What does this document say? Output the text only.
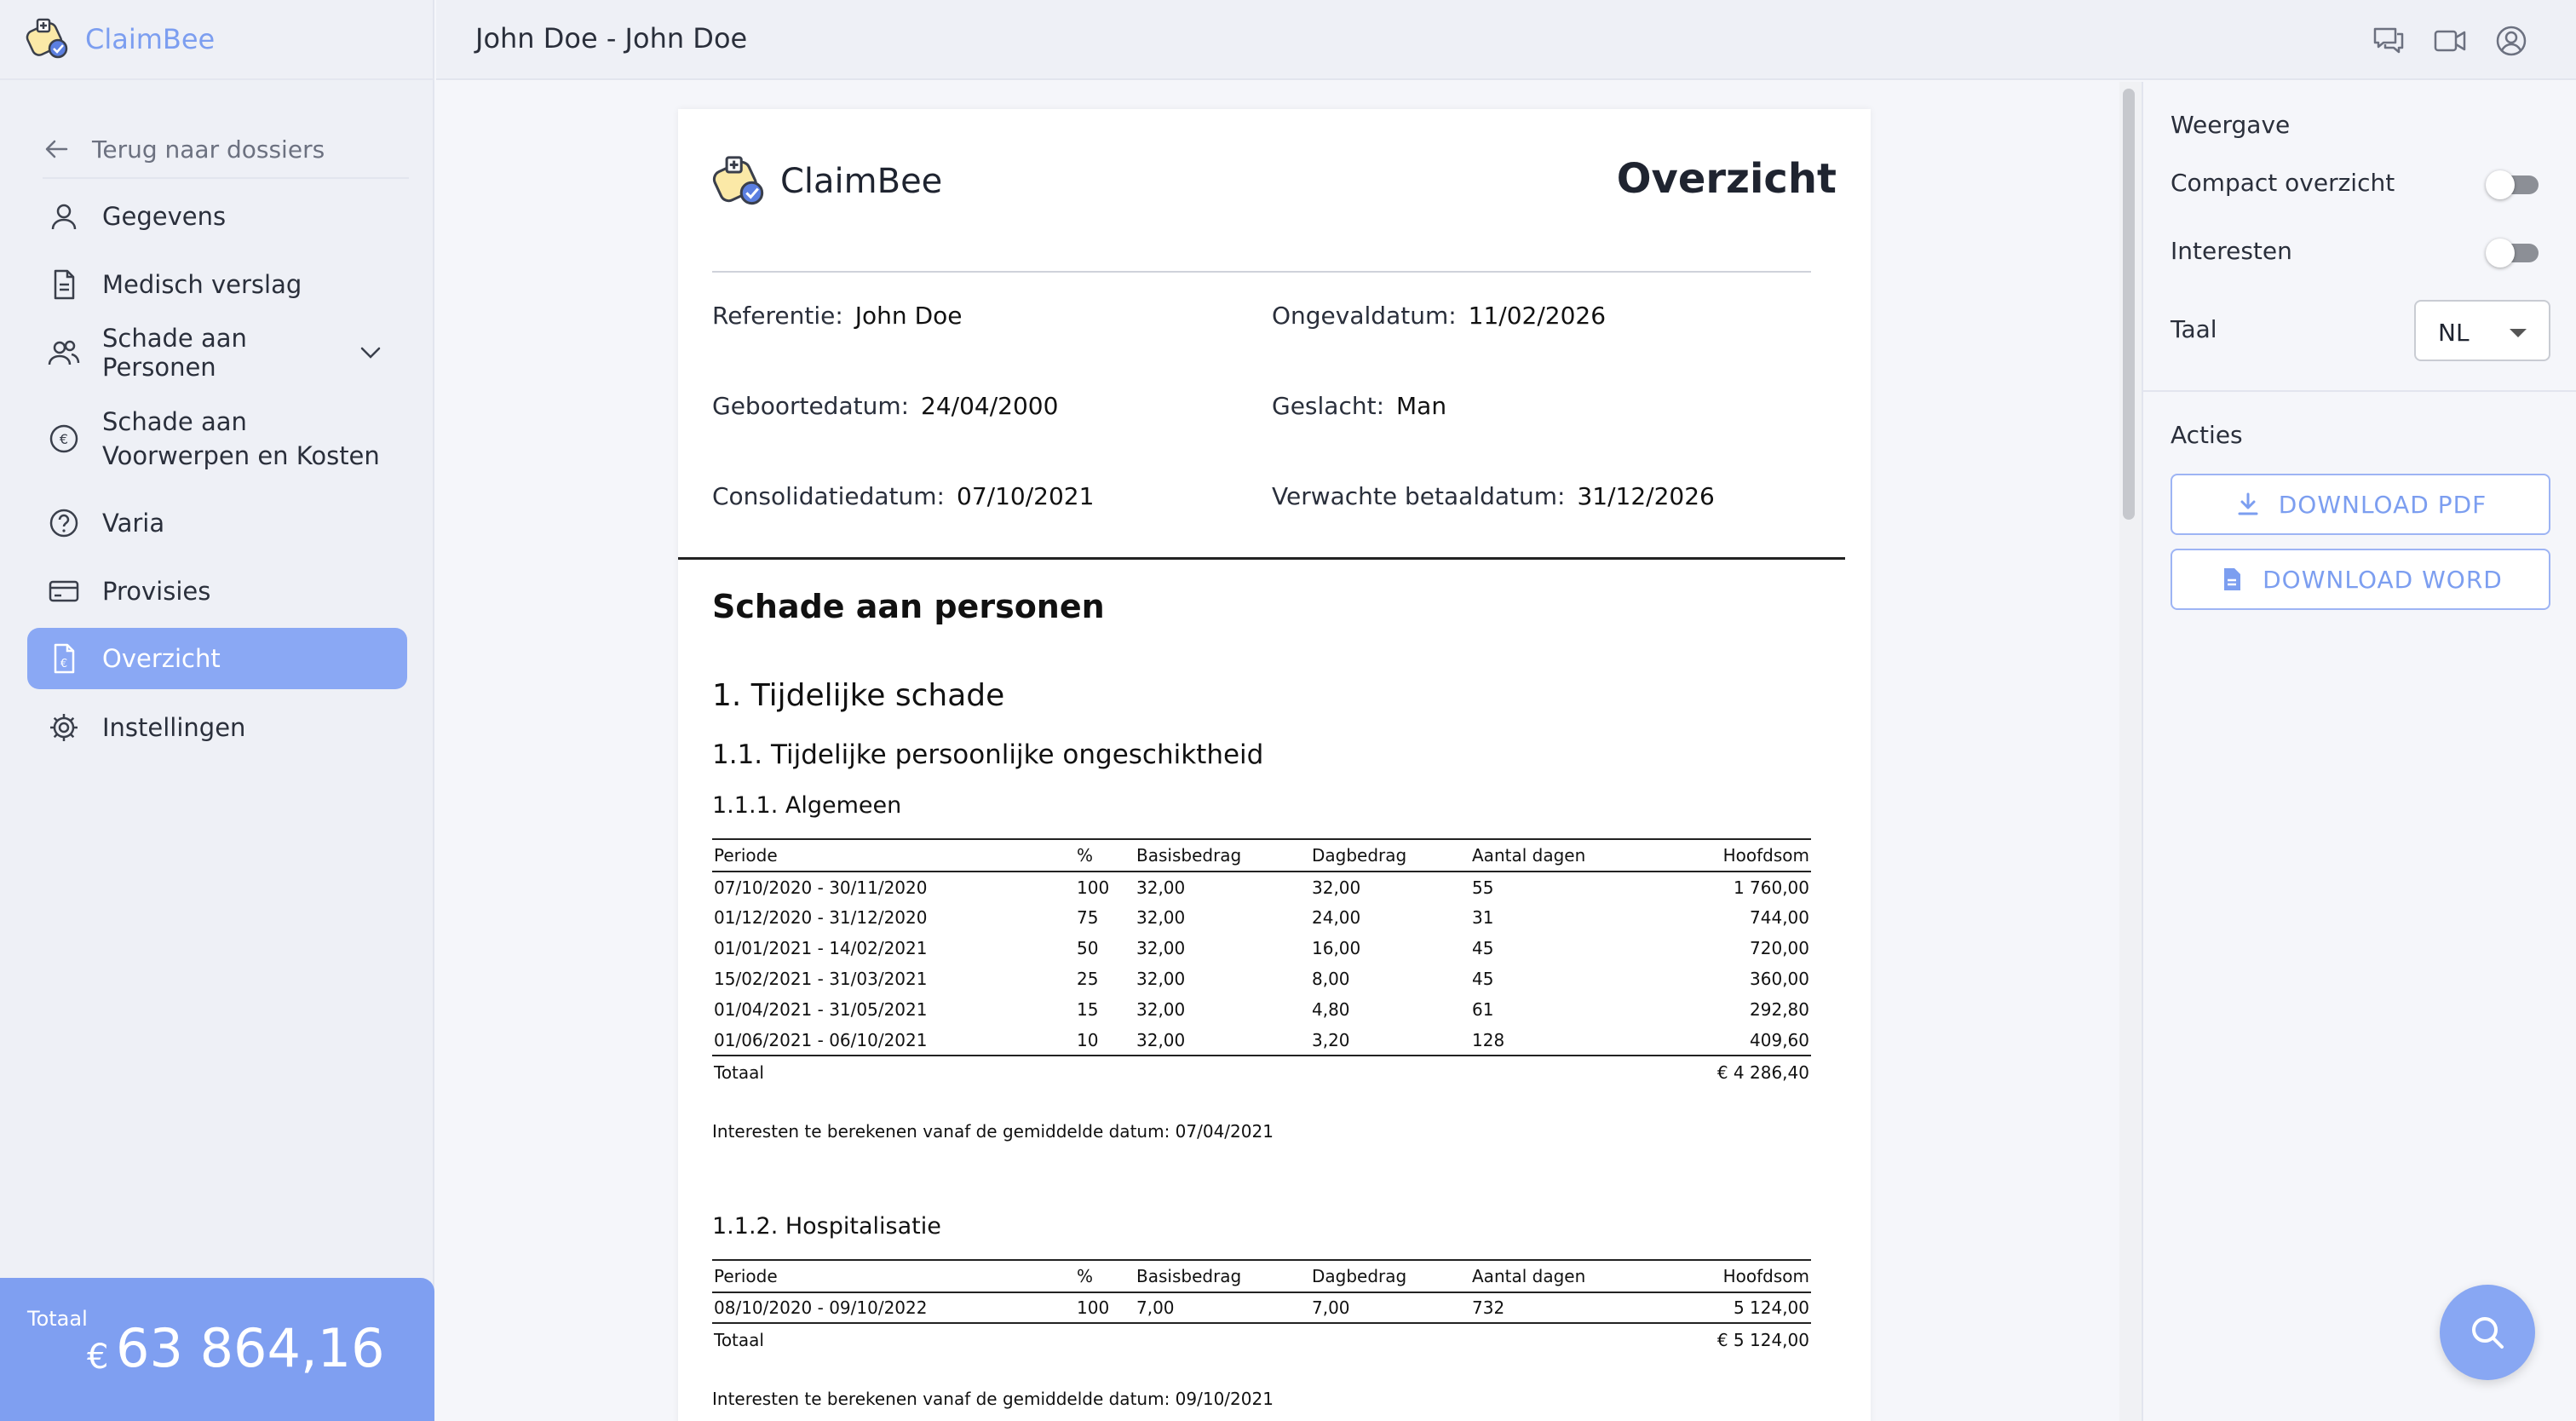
ClaimBee
Terug naar dossiers
Gegevens
Medisch verslag
Schade aan Personen
€
Schade aan Voorwerpen en Kosten
Varia
Provisies
€ Overzicht
Instellingen
Totaal
€ 63 864,16
John Doe - John Doe
ClaimBee	Overzicht
Referentie: John Doe	Ongevaldatum: 11/02/2026
Geboortedatum: 24/04/2000	Geslacht: Man
Consolidatiedatum: 07/10/2021	Verwachte betaaldatum: 31/12/2026
Schade aan personen
1. Tijdelijke schade
1.1. Tijdelijke persoonlijke ongeschiktheid
1.1.1. Algemeen
Periode	%	Basisbedrag	Dagbedrag	Aantal dagen	Hoofdsom
07/10/2020 - 30/11/2020	100	32,00	32,00	55	1 760,00
01/12/2020 - 31/12/2020	75	32,00	24,00	31	744,00
01/01/2021 - 14/02/2021	50	32,00	16,00	45	720,00
15/02/2021 - 31/03/2021	25	32,00	8,00	45	360,00
01/04/2021 - 31/05/2021	15	32,00	4,80	61	292,80
01/06/2021 - 06/10/2021	10	32,00	3,20	128	409,60
Totaal					€ 4 286,40
Interesten te berekenen vanaf de gemiddelde datum: 07/04/2021
1.1.2. Hospitalisatie
Periode	%	Basisbedrag	Dagbedrag	Aantal dagen	Hoofdsom
08/10/2020 - 09/10/2022	100	7,00	7,00	732	5 124,00
Totaal					€ 5 124,00
Interesten te berekenen vanaf de gemiddelde datum: 09/10/2021
Weergave
Compact overzicht
Interesten
Taal	NL
Acties
DOWNLOAD PDF
DOWNLOAD WORD
